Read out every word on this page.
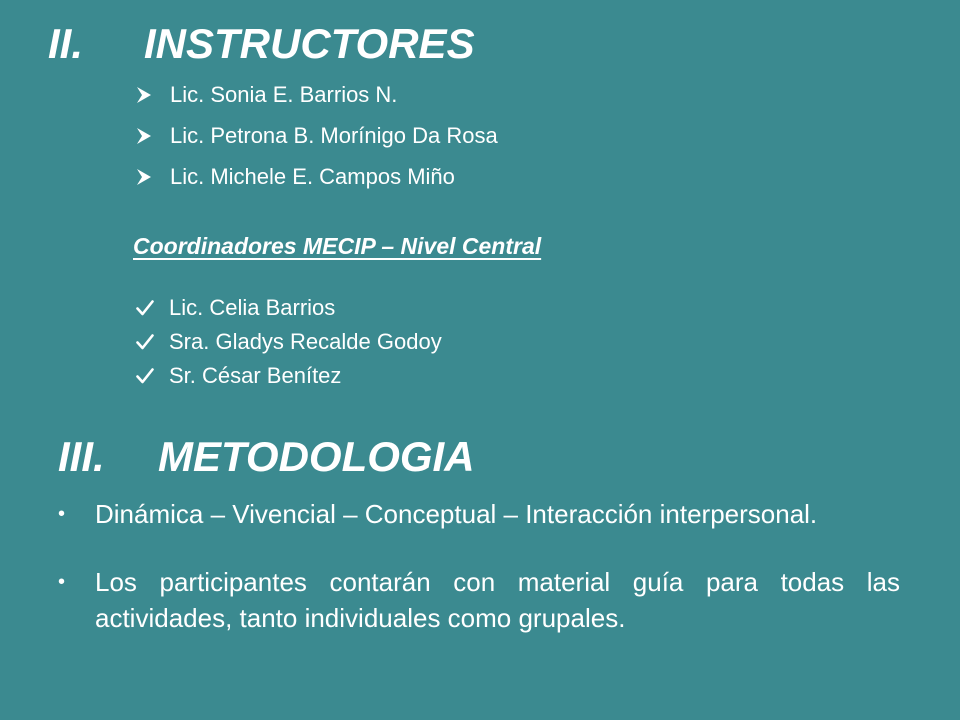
II. INSTRUCTORES
Lic. Sonia E. Barrios N.
Lic. Petrona B. Morínigo Da Rosa
Lic. Michele E. Campos Miño
Coordinadores MECIP – Nivel Central
Lic. Celia Barrios
Sra. Gladys Recalde Godoy
Sr. César Benítez
III. METODOLOGIA
• Dinámica – Vivencial – Conceptual – Interacción interpersonal.
• Los participantes contarán con material guía para todas las actividades, tanto individuales como grupales.
